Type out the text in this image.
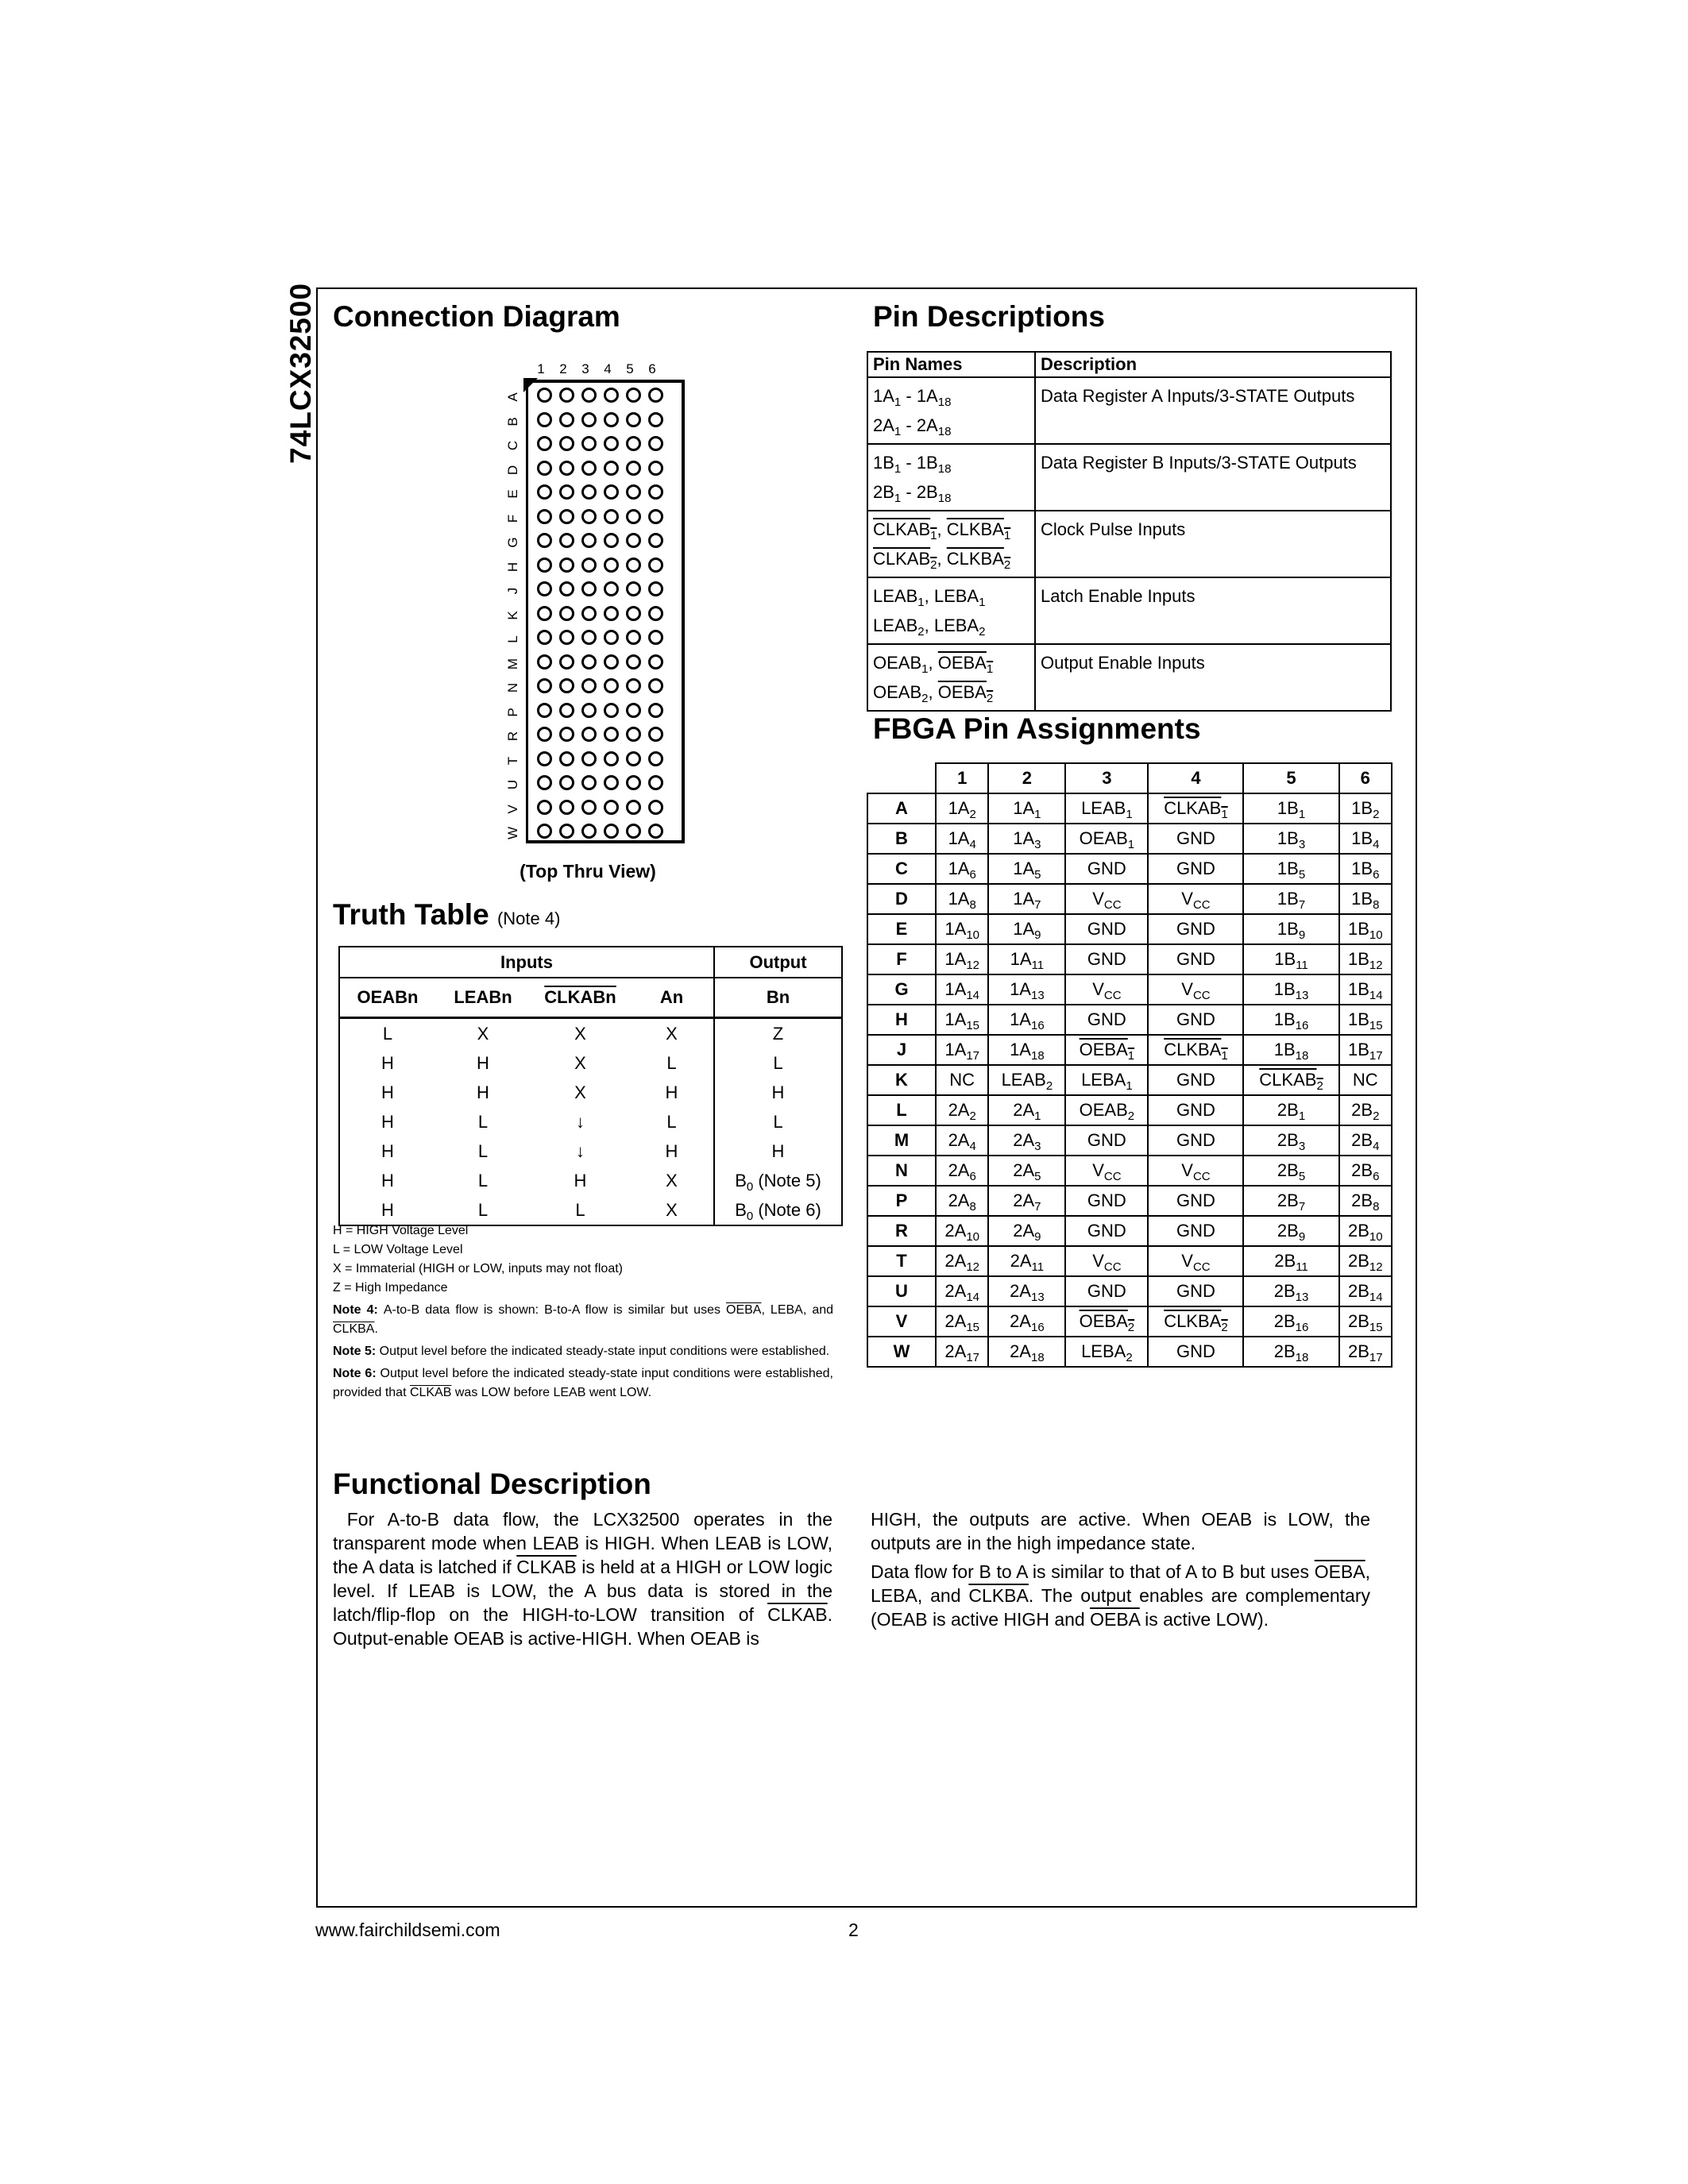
74LCX32500 Connection Diagram
1	2	3	4	5	6
A
B
C
D
E
F
G
H
J
K
L
M
N
P
R
T
U
V
W
(Top Thru View)
Pin Descriptions
Pin Names	Description
$1A_1 - 1A_{18}$
$2A_1 - 2A_{18}$	Data Register A Inputs/3-STATE Outputs
$1B_1 - 1B_{18}$
$2B_1 - 2B_{18}$	Data Register B Inputs/3-STATE Outputs
$CLKAB_1$, $CLKBA_1$
$CLKAB_2$, $CLKBA_2$	Clock Pulse Inputs
$LEAB_1$, $LEBA_1$
$LEAB_2$, $LEBA_2$	Latch Enable Inputs
$OEAB_1$, $OEBA_1$
$OEAB_2$, $OEBA_2$	Output Enable Inputs
FBGA Pin Assignments
	1	2	3	4	5	6
A	$1A_2$	$1A_1$	$LEAB_1$	$CLKAB_1$	$1B_1$	$1B_2$
B	$1A_4$	$1A_3$	$OEAB_1$	GND	$1B_3$	$1B_4$
C	$1A_6$	$1A_5$	GND	GND	$1B_5$	$1B_6$
D	$1A_8$	$1A_7$	$V_{CC}$	$V_{CC}$	$1B_7$	$1B_8$
E	$1A_{10}$	$1A_9$	GND	GND	$1B_9$	$1B_{10}$
F	$1A_{12}$	$1A_{11}$	GND	GND	$1B_{11}$	$1B_{12}$
G	$1A_{14}$	$1A_{13}$	$V_{CC}$	$V_{CC}$	$1B_{13}$	$1B_{14}$
H	$1A_{15}$	$1A_{16}$	GND	GND	$1B_{16}$	$1B_{15}$
J	$1A_{17}$	$1A_{18}$	$OEBA_1$	$CLKBA_1$	$1B_{18}$	$1B_{17}$
K	NC	$LEAB_2$	$LEBA_1$	GND	$CLKAB_2$	NC
L	$2A_2$	$2A_1$	$OEAB_2$	GND	$2B_1$	$2B_2$
M	$2A_4$	$2A_3$	GND	GND	$2B_3$	$2B_4$
N	$2A_6$	$2A_5$	$V_{CC}$	$V_{CC}$	$2B_5$	$2B_6$
P	$2A_8$	$2A_7$	GND	GND	$2B_7$	$2B_8$
R	$2A_{10}$	$2A_9$	GND	GND	$2B_9$	$2B_{10}$
T	$2A_{12}$	$2A_{11}$	$V_{CC}$	$V_{CC}$	$2B_{11}$	$2B_{12}$
U	$2A_{14}$	$2A_{13}$	GND	GND	$2B_{13}$	$2B_{14}$
V	$2A_{15}$	$2A_{16}$	$OEBA_2$	$CLKBA_2$	$2B_{16}$	$2B_{15}$
W	$2A_{17}$	$2A_{18}$	$LEBA_2$	GND	$2B_{18}$	$2B_{17}$
Truth Table (Note 4)
Inputs				Output
OEABn	LEABn	CLKABn	An	Bn
L	X	X	X	Z
H	H	X	L	L
H	H	X	H	H
H	L	↓	L	L
H	L	↓	H	H
H	L	H	X	$B_0$ (Note 5)
H	L	L	X	$B_0$ (Note 6)
H = HIGH Voltage Level
L = LOW Voltage Level
X = Immaterial (HIGH or LOW, inputs may not float)
Z = High Impedance
Note 4: A-to-B data flow is shown: B-to-A flow is similar but uses OEBA, LEBA, and CLKBA.
Note 5: Output level before the indicated steady-state input conditions were established.
Note 6: Output level before the indicated steady-state input conditions were established, provided that CLKAB was LOW before LEAB went LOW.
Functional Description

For A-to-B data flow, the LCX32500 operates in the transparent mode when LEAB is HIGH. When LEAB is LOW, the A data is latched if CLKAB is held at a HIGH or LOW logic level. If LEAB is LOW, the A bus data is stored in the latch/flip-flop on the HIGH-to-LOW transition of CLKAB. Output-enable OEAB is active-HIGH. When OEAB is

HIGH, the outputs are active. When OEAB is LOW, the outputs are in the high impedance state.

Data flow for B to A is similar to that of A to B but uses OEBA, LEBA, and CLKBA. The output enables are complementary (OEAB is active HIGH and OEBA is active LOW).

www.fairchildsemi.com	2
